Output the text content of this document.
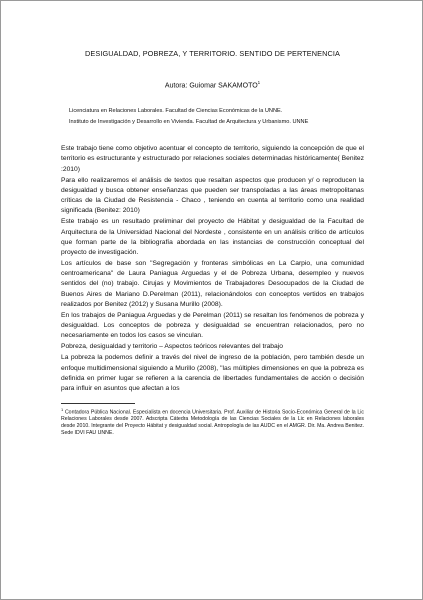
DESIGUALDAD, POBREZA, Y TERRITORIO. SENTIDO DE PERTENENCIA

Autora: Guiomar SAKAMOTO$^1$

Licenciatura en Relaciones Laborales. Facultad de Ciencias Económicas de la UNNE.
Instituto de Investigación y Desarrollo en Vivienda. Facultad de Arquitectura y Urbanismo. UNNE

Este trabajo tiene como objetivo acentuar el concepto de territorio, siguiendo la concepción de que el territorio es estructurante y estructurado por relaciones sociales determinadas históricamente( Benitez :2010)

Para ello realizaremos el análisis de textos que resaltan aspectos que producen y/ o reproducen la desigualdad y busca obtener enseñanzas que pueden ser transpoladas a las áreas metropolitanas críticas de la Ciudad de Resistencia - Chaco , teniendo en cuenta al territorio como una realidad significada (Benitez: 2010)

Este trabajo es un resultado preliminar del proyecto de Hábitat y desigualdad de la Facultad de Arquitectura de la Universidad Nacional del Nordeste , consistente en un análisis crítico de artículos que forman parte de la bibliografía abordada en las instancias de construcción conceptual del proyecto de investigación.

Los artículos de base son "Segregación y fronteras simbólicas en La Carpio, una comunidad centroamericana" de Laura Paniagua Arguedas y el de Pobreza Urbana, desempleo y nuevos sentidos del (no) trabajo. Cirujas y Movimientos de Trabajadores Desocupados de la Ciudad de Buenos Aires de Mariano D.Perelman (2011), relacionándolos con conceptos vertidos en trabajos realizados por Benitez (2012) y Susana Murillo (2008).

En los trabajos de Paniagua Arguedas y de Perelman (2011) se resaltan los fenómenos de pobreza y desigualdad. Los conceptos de pobreza y desigualdad se encuentran relacionados, pero no necesariamente en todos los casos se vinculan.

Pobreza, desigualdad y territorio – Aspectos teóricos relevantes del trabajo

La pobreza la podemos definir a través del nivel de ingreso de la población, pero también desde un enfoque multidimensional siguiendo a Murillo (2008), "las múltiples dimensiones en que la pobreza es definida en primer lugar se refieren a la carencia de libertades fundamentales de acción o decisión para influir en asuntos que afectan a los

$^1$ Contadora Pública Nacional. Especialista en docencia Universitaria. Prof. Auxiliar de Historia Socio-Económica General de la Lic Relaciones Laborales desde 2007. Adscripta Cátedra Metodología de las Ciencias Sociales de la Lic en Relaciones laborales desde 2010. Integrante del Proyecto Hábitat y desigualdad social. Antropología de las AUDC en el AMGR. Dir. Ma. Andrea Benitez. Sede IDVI FAU UNNE.
